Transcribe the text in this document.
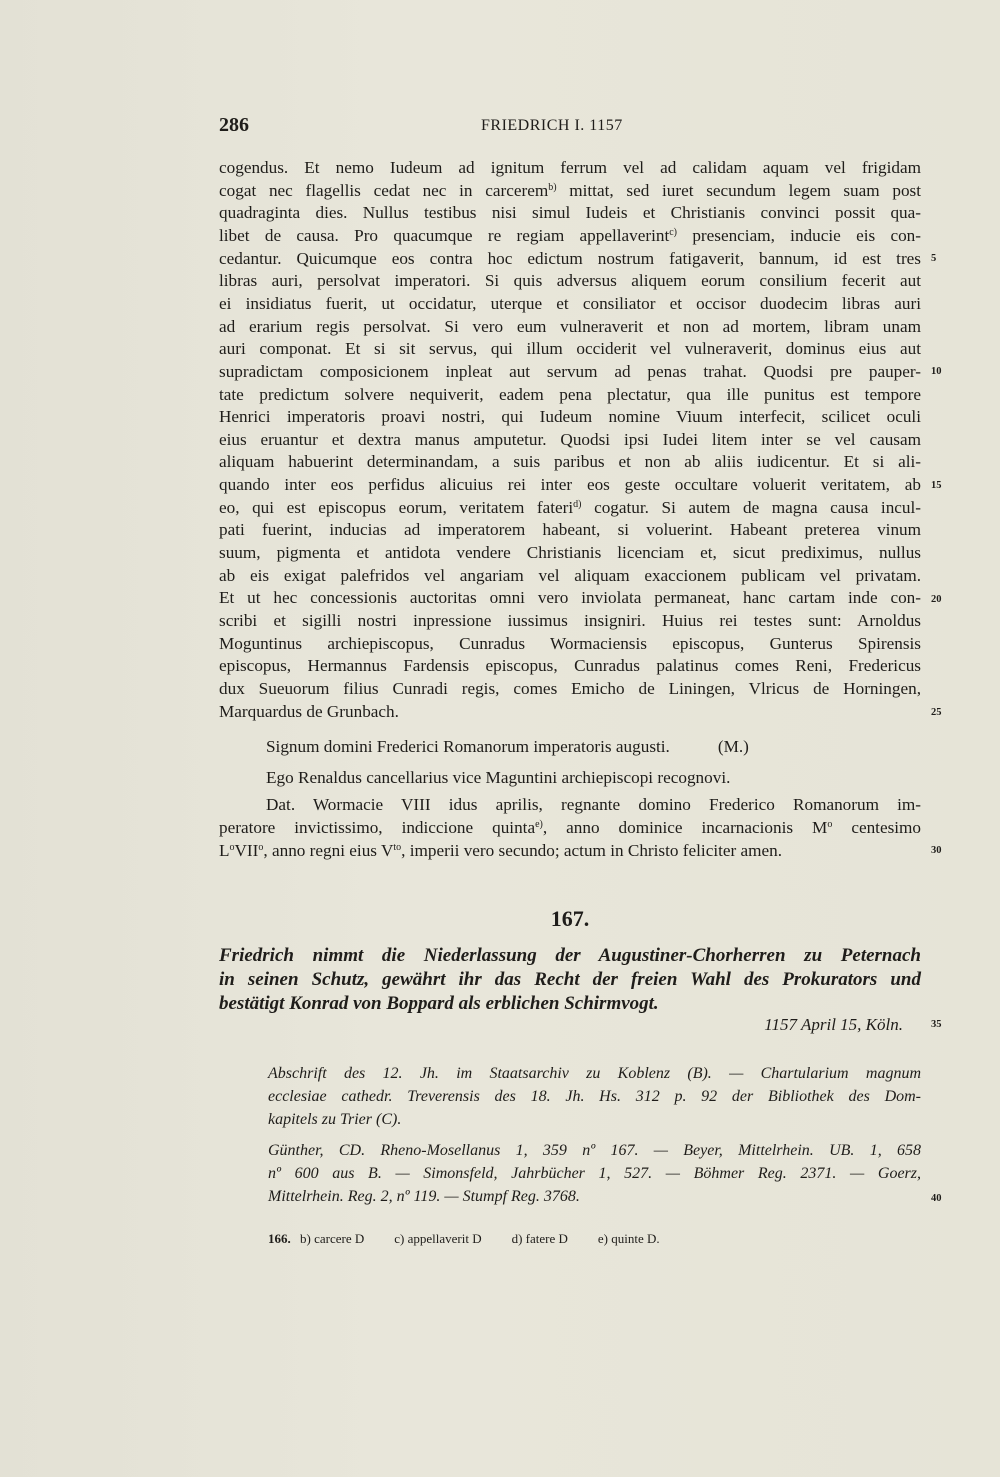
286	FRIEDRICH I. 1157
cogendus. Et nemo Iudeum ad ignitum ferrum vel ad calidam aquam vel frigidam
cogat nec flagellis cedat nec in carcerem$^{b)}$ mittat, sed iuret secundum legem suam post
quadraginta dies. Nullus testibus nisi simul Iudeis et Christianis convinci possit qua-
libet de causa. Pro quacumque re regiam appellaverint$^{c)}$ presenciam, inducie eis con-
cedantur. Quicumque eos contra hoc edictum nostrum fatigaverit, bannum, id est tres
libras auri, persolvat imperatori. Si quis adversus aliquem eorum consilium fecerit aut
ei insidiatus fuerit, ut occidatur, uterque et consiliator et occisor duodecim libras auri
ad erarium regis persolvat. Si vero eum vulneraverit et non ad mortem, libram unam
auri componat. Et si sit servus, qui illum occiderit vel vulneraverit, dominus eius aut
supradictam composicionem inpleat aut servum ad penas trahat. Quodsi pre pauper-
tate predictum solvere nequiverit, eadem pena plectatur, qua ille punitus est tempore
Henrici imperatoris proavi nostri, qui Iudeum nomine Viuum interfecit, scilicet oculi
eius eruantur et dextra manus amputetur. Quodsi ipsi Iudei litem inter se vel causam
aliquam habuerint determinandam, a suis paribus et non ab aliis iudicentur. Et si ali-
quando inter eos perfidus alicuius rei inter eos geste occultare voluerit veritatem, ab
eo, qui est episcopus eorum, veritatem fateri$^{d)}$ cogatur. Si autem de magna causa incul-
pati fuerint, inducias ad imperatorem habeant, si voluerint. Habeant preterea vinum
suum, pigmenta et antidota vendere Christianis licenciam et, sicut prediximus, nullus
ab eis exigat palefridos vel angariam vel aliquam exaccionem publicam vel privatam.
Et ut hec concessionis auctoritas omni vero inviolata permaneat, hanc cartam inde con-
scribi et sigilli nostri inpressione iussimus insigniri. Huius rei testes sunt: Arnoldus
Moguntinus archiepiscopus, Cunradus Wormaciensis episcopus, Gunterus Spirensis
episcopus, Hermannus Fardensis episcopus, Cunradus palatinus comes Reni, Fredericus
dux Sueuorum filius Cunradi regis, comes Emicho de Liningen, Vlricus de Horningen,
Marquardus de Grunbach.
Signum domini Frederici Romanorum imperatoris augusti.	(M.)
Ego Renaldus cancellarius vice Maguntini archiepiscopi recognovi.
Dat. Wormacie VIII idus aprilis, regnante domino Frederico Romanorum im-
peratore invictissimo, indiccione quinta$^{e)}$, anno dominice incarnacionis $M^o$ centesimo
$L^oVII^o$, anno regni eius $V^{to}$, imperii vero secundo; actum in Christo feliciter amen.
5
10
15
20
25
30
35
40
167.
Friedrich nimmt die Niederlassung der Augustiner-Chorherren zu Peternach
in seinen Schutz, gewährt ihr das Recht der freien Wahl des Prokurators und
bestätigt Konrad von Boppard als erblichen Schirmvogt.
1157 April 15, Köln.
Abschrift des 12. Jh. im Staatsarchiv zu Koblenz (B). — Chartularium magnum
ecclesiae cathedr. Treverensis des 18. Jh. Hs. 312 p. 92 der Bibliothek des Dom-
kapitels zu Trier (C).
Günther, CD. Rheno-Mosellanus 1, 359 nº 167. — Beyer, Mittelrhein. UB. 1, 658
nº 600 aus B. — Simonsfeld, Jahrbücher 1, 527. — Böhmer Reg. 2371. — Goerz,
Mittelrhein. Reg. 2, nº 119. — Stumpf Reg. 3768.
166. b) carcere D c) appellaverit D d) fatere D e) quinte D.
